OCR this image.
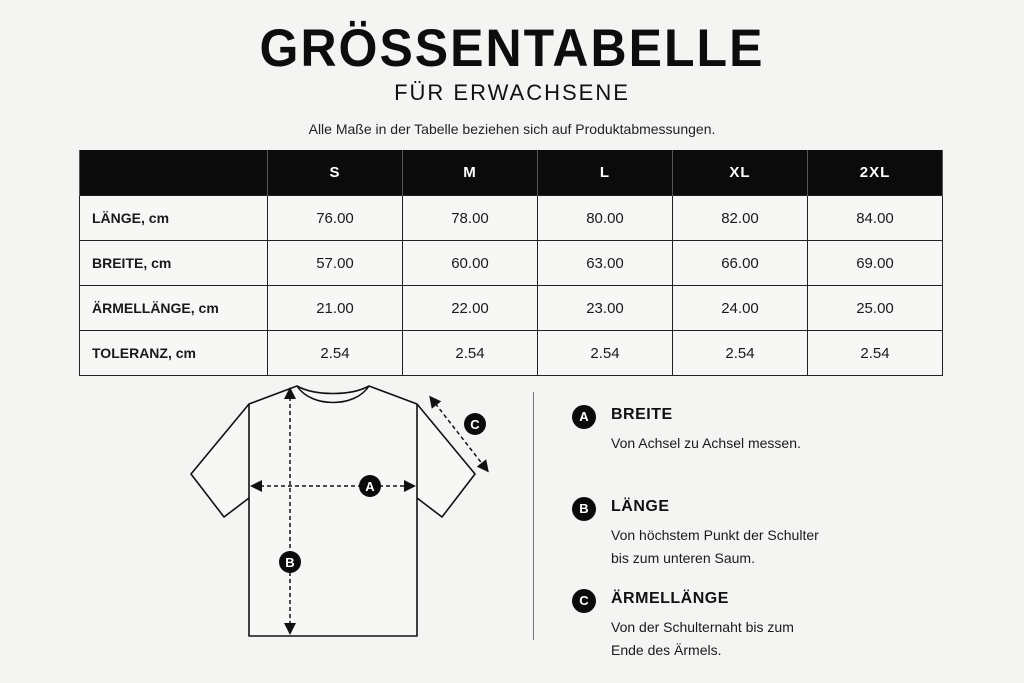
GRÖSSENTABELLE
FÜR ERWACHSENE
Alle Maße in der Tabelle beziehen sich auf Produktabmessungen.
	S	M	L	XL	2XL
LÄNGE, cm	76.00	78.00	80.00	82.00	84.00
BREITE, cm	57.00	60.00	63.00	66.00	69.00
ÄRMELLÄNGE, cm	21.00	22.00	23.00	24.00	25.00
TOLERANZ, cm	2.54	2.54	2.54	2.54	2.54
A
B
C
A	BREITE
Von Achsel zu Achsel messen.
B	LÄNGE
Von höchstem Punkt der Schulter
bis zum unteren Saum.
C	ÄRMELLÄNGE
Von der Schulternaht bis zum
Ende des Ärmels.
